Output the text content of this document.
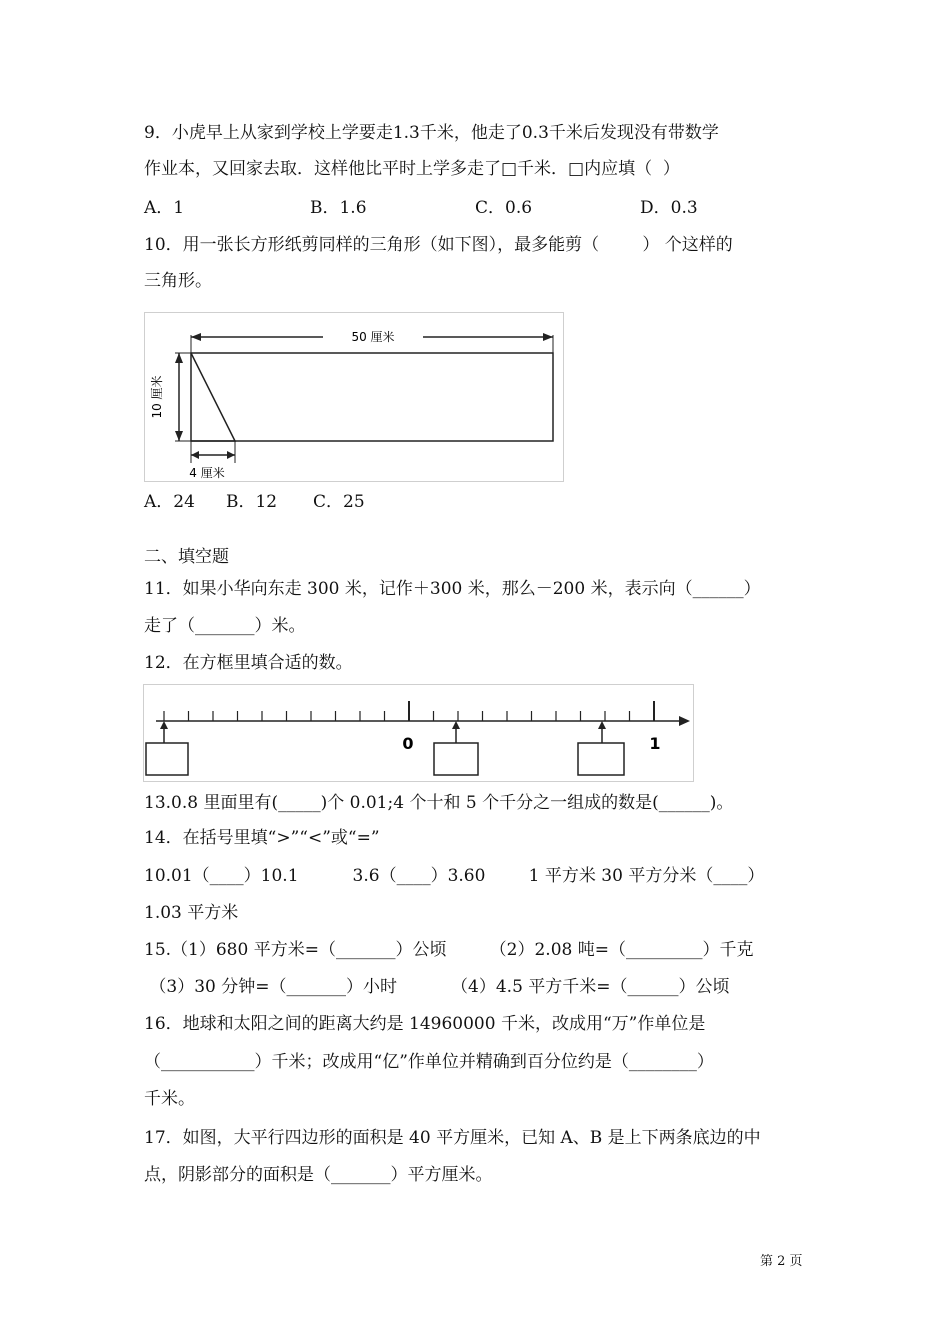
9．小虎早上从家到学校上学要走1.3千米，他走了0.3千米后发现没有带数学
作业本，又回家去取．这样他比平时上学多走了□千米．□内应填（  ）
A．1	B．1.6	C．0.6	D．0.3
10．用一张长方形纸剪同样的三角形（如下图），最多能剪（        ） 个这样的
三角形。
50 厘米
10 厘米
4 厘米
A．24 B．12 C．25
二、填空题
11．如果小华向东走 300 米，记作＋300 米，那么－200 米，表示向（______）
走了（_______）米。
12．在方框里填合适的数。
0	1
13.0.8 里面里有(_____)个 0.01;4 个十和 5 个千分之一组成的数是(______)。
14．在括号里填“>”“<”或“=”
10.01（____）10.1          3.6（____）3.60        1 平方米 30 平方分米（____）
1.03 平方米
15.（1）680 平方米=（_______）公顷        （2）2.08 吨=（_________）千克
（3）30 分钟=（_______）小时          （4）4.5 平方千米=（______）公顷
16．地球和太阳之间的距离大约是 14960000 千米，改成用“万”作单位是
（___________）千米；改成用“亿”作单位并精确到百分位约是（________）
千米。
17．如图，大平行四边形的面积是 40 平方厘米，已知 A、B 是上下两条底边的中
点，阴影部分的面积是（_______）平方厘米。
第 2 页
